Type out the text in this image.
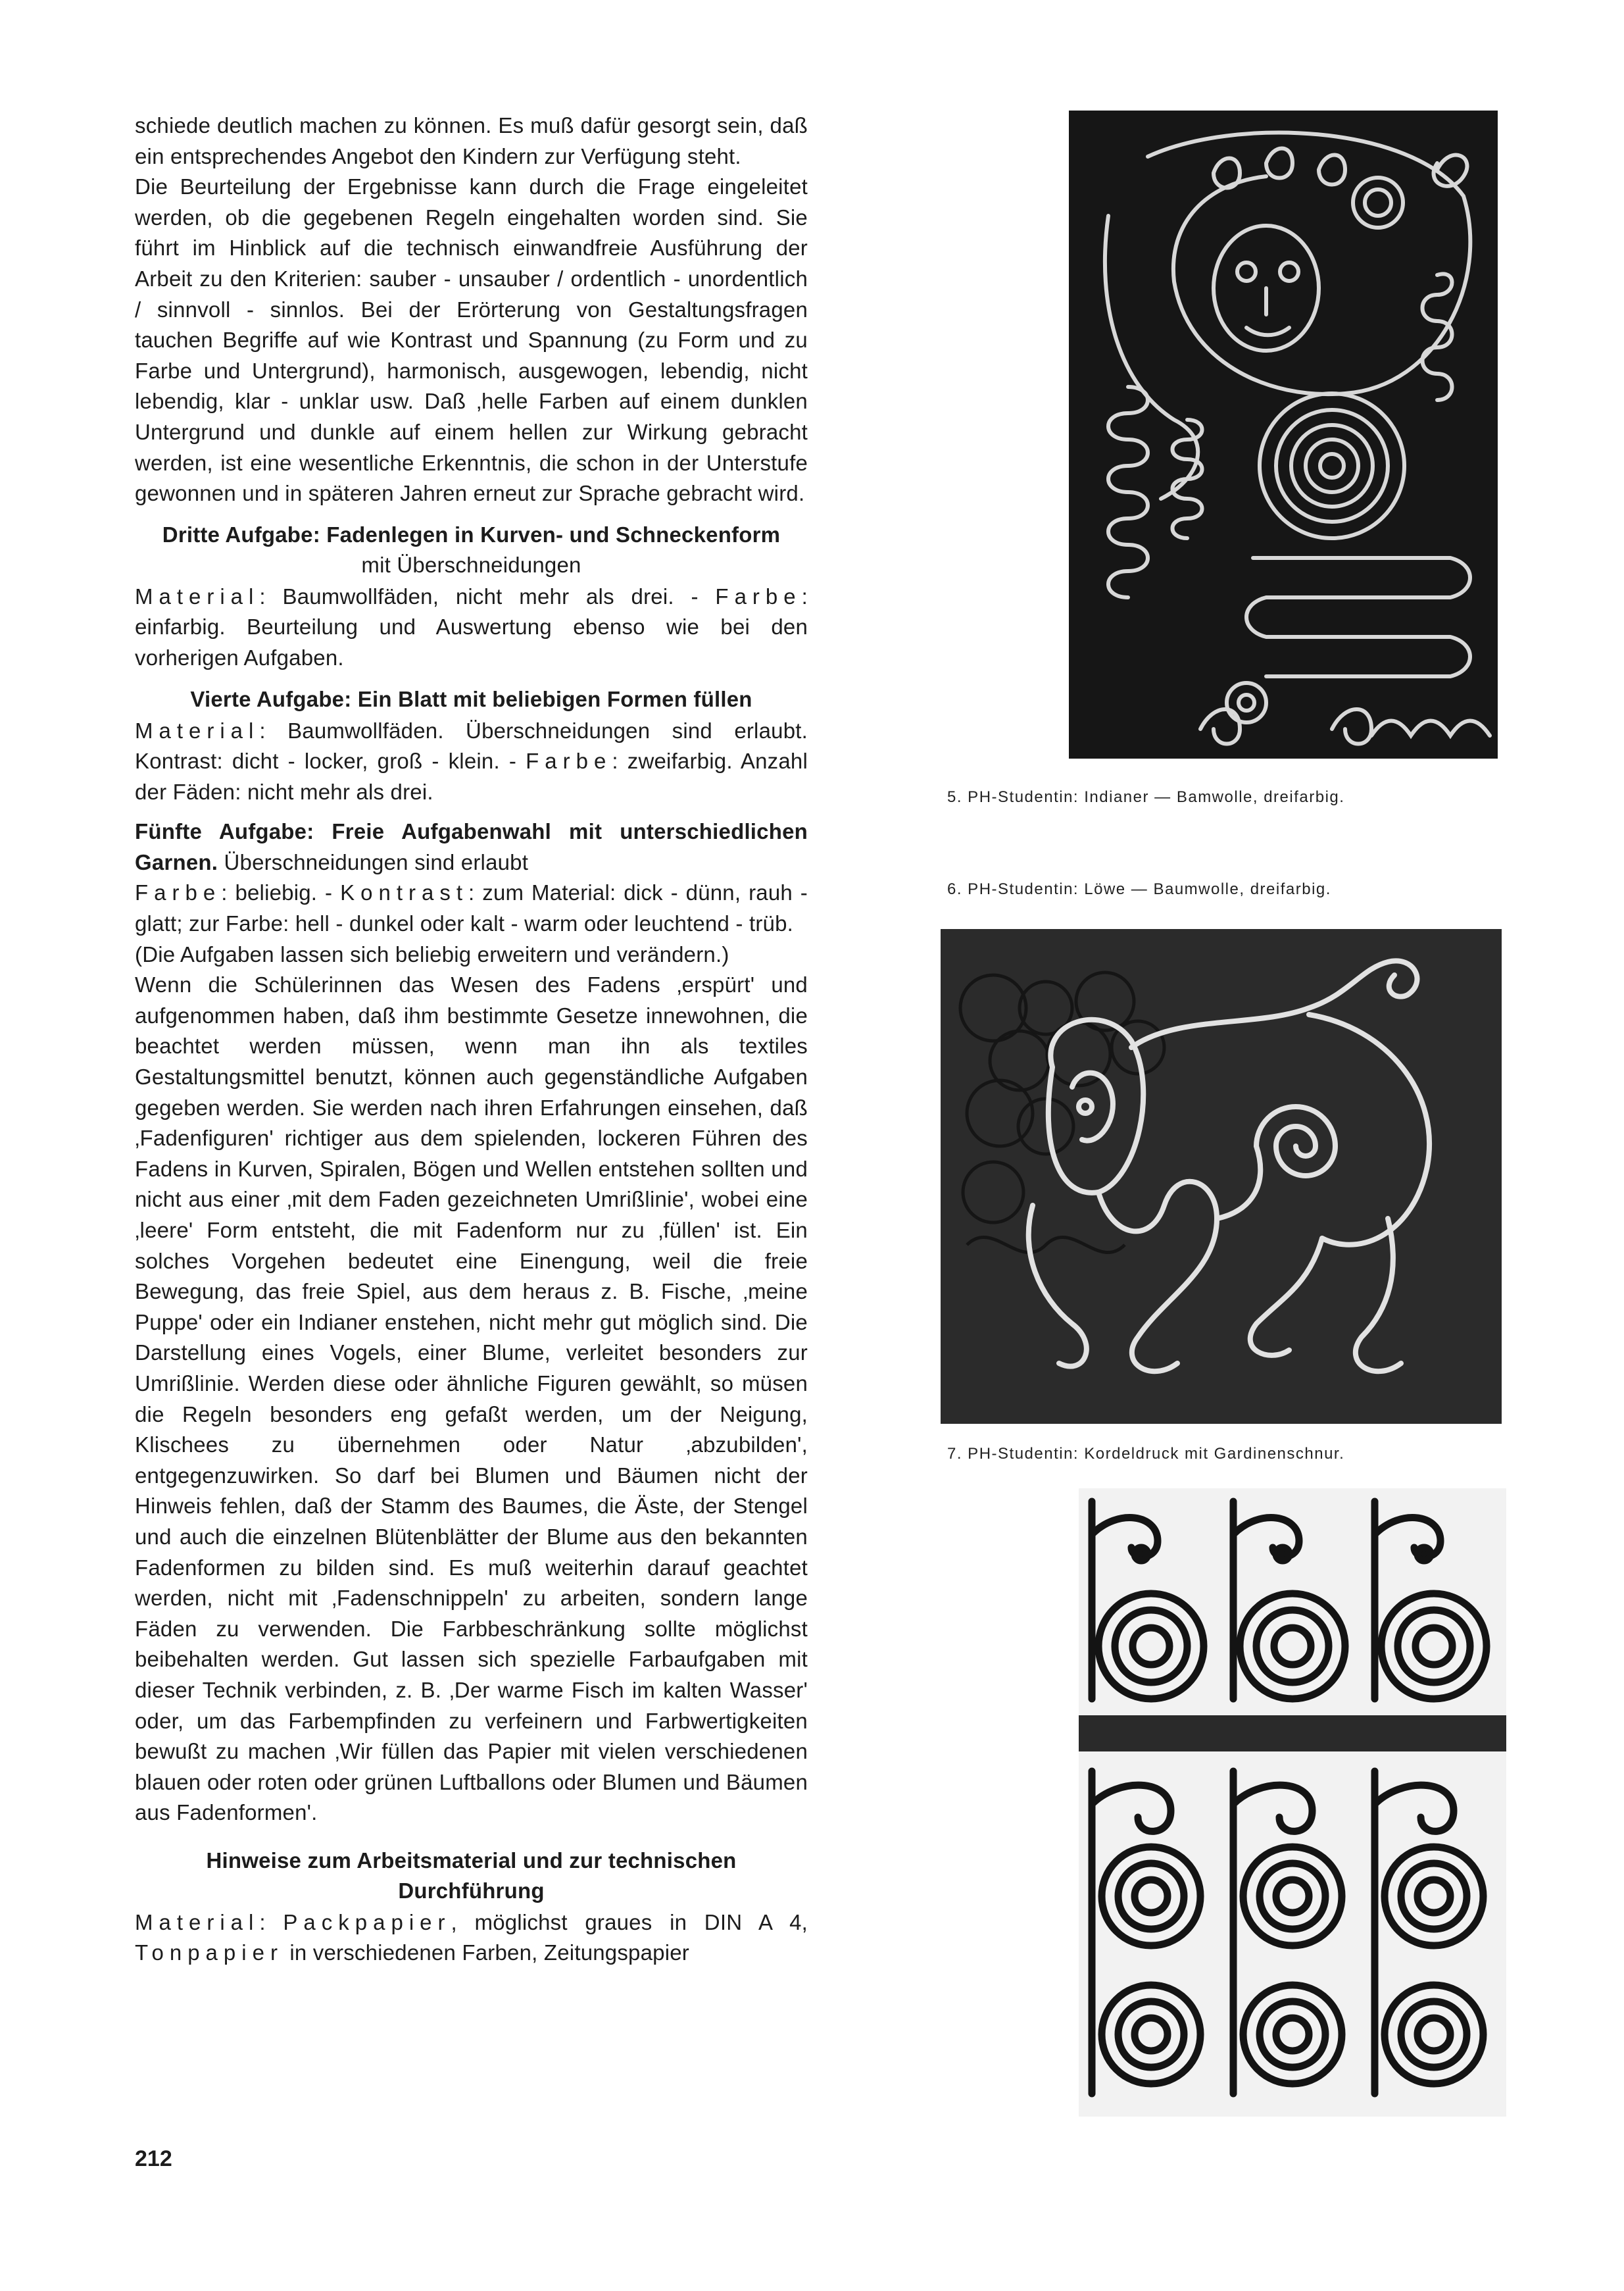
schiede deutlich machen zu können. Es muß dafür gesorgt sein, daß ein entsprechendes Angebot den Kindern zur Verfügung steht.

Die Beurteilung der Ergebnisse kann durch die Frage eingeleitet werden, ob die gegebenen Regeln eingehalten worden sind. Sie führt im Hinblick auf die technisch einwandfreie Ausführung der Arbeit zu den Kriterien: sauber - unsauber / ordentlich - unordentlich / sinnvoll - sinnlos. Bei der Erörterung von Gestaltungsfragen tauchen Begriffe auf wie Kontrast und Spannung (zu Form und zu Farbe und Untergrund), harmonisch, ausgewogen, lebendig, nicht lebendig, klar - unklar usw. Daß ‚helle Farben auf einem dunklen Untergrund und dunkle auf einem hellen zur Wirkung gebracht werden, ist eine wesentliche Erkenntnis, die schon in der Unterstufe gewonnen und in späteren Jahren erneut zur Sprache gebracht wird.

Dritte Aufgabe: Fadenlegen in Kurven- und Schneckenform
mit Überschneidungen

Material: Baumwollfäden, nicht mehr als drei. - Farbe: einfarbig. Beurteilung und Auswertung ebenso wie bei den vorherigen Aufgaben.

Vierte Aufgabe: Ein Blatt mit beliebigen Formen füllen

Material: Baumwollfäden. Überschneidungen sind erlaubt. Kontrast: dicht - locker, groß - klein. - Farbe: zweifarbig. Anzahl der Fäden: nicht mehr als drei.

Fünfte Aufgabe: Freie Aufgabenwahl mit unterschiedlichen Garnen. Überschneidungen sind erlaubt

Farbe: beliebig. - Kontrast: zum Material: dick - dünn, rauh - glatt; zur Farbe: hell - dunkel oder kalt - warm oder leuchtend - trüb.

(Die Aufgaben lassen sich beliebig erweitern und verändern.)

Wenn die Schülerinnen das Wesen des Fadens ‚erspürt' und aufgenommen haben, daß ihm bestimmte Gesetze innewohnen, die beachtet werden müssen, wenn man ihn als textiles Gestaltungsmittel benutzt, können auch gegenständliche Aufgaben gegeben werden. Sie werden nach ihren Erfahrungen einsehen, daß ‚Fadenfiguren' richtiger aus dem spielenden, lockeren Führen des Fadens in Kurven, Spiralen, Bögen und Wellen entstehen sollten und nicht aus einer ‚mit dem Faden gezeichneten Umrißlinie', wobei eine ‚leere' Form entsteht, die mit Fadenform nur zu ‚füllen' ist. Ein solches Vorgehen bedeutet eine Einengung, weil die freie Bewegung, das freie Spiel, aus dem heraus z. B. Fische, ‚meine Puppe' oder ein Indianer enstehen, nicht mehr gut möglich sind. Die Darstellung eines Vogels, einer Blume, verleitet besonders zur Umrißlinie. Werden diese oder ähnliche Figuren gewählt, so müsen die Regeln besonders eng gefaßt werden, um der Neigung, Klischees zu übernehmen oder Natur ‚abzubilden', entgegenzuwirken. So darf bei Blumen und Bäumen nicht der Hinweis fehlen, daß der Stamm des Baumes, die Äste, der Stengel und auch die einzelnen Blütenblätter der Blume aus den bekannten Fadenformen zu bilden sind. Es muß weiterhin darauf geachtet werden, nicht mit ‚Fadenschnippeln' zu arbeiten, sondern lange Fäden zu verwenden. Die Farbbeschränkung sollte möglichst beibehalten werden. Gut lassen sich spezielle Farbaufgaben mit dieser Technik verbinden, z. B. ‚Der warme Fisch im kalten Wasser' oder, um das Farbempfinden zu verfeinern und Farbwertigkeiten bewußt zu machen ‚Wir füllen das Papier mit vielen verschiedenen blauen oder roten oder grünen Luftballons oder Blumen und Bäumen aus Fadenformen'.

Hinweise zum Arbeitsmaterial und zur technischen
Durchführung

Material: Packpapier, möglichst graues in DIN A 4, Tonpapier in verschiedenen Farben, Zeitungspapier

212
5. PH-Studentin: Indianer — Bamwolle, dreifarbig.
6. PH-Studentin: Löwe — Baumwolle, dreifarbig.
7. PH-Studentin: Kordeldruck mit Gardinenschnur.
